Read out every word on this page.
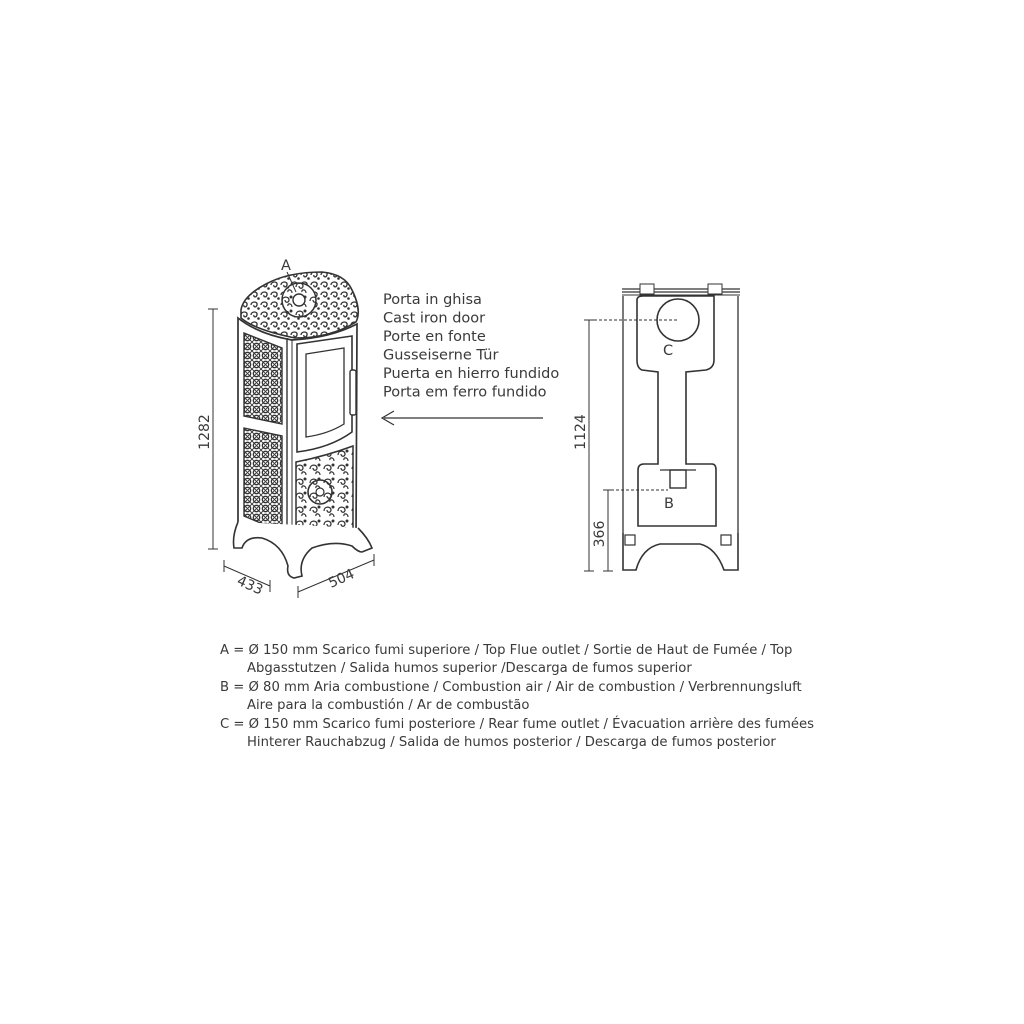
1282
A
433	504
Porta in ghisa
Cast iron door
Porte en fonte
Gusseiserne Tür
Puerta en hierro fundido
Porta em ferro fundido
C
B
1124
366
A = Ø 150 mm Scarico fumi superiore / Top Flue outlet / Sortie de Haut de Fumée / Top
Abgasstutzen / Salida humos superior /Descarga de fumos superior
B = Ø 80 mm Aria combustione / Combustion air / Air de combustion / Verbrennungsluft
Aire para la combustión / Ar de combustão
C = Ø 150 mm Scarico fumi posteriore / Rear fume outlet / Évacuation arrière des fumées
Hinterer Rauchabzug / Salida de humos posterior / Descarga de fumos posterior
